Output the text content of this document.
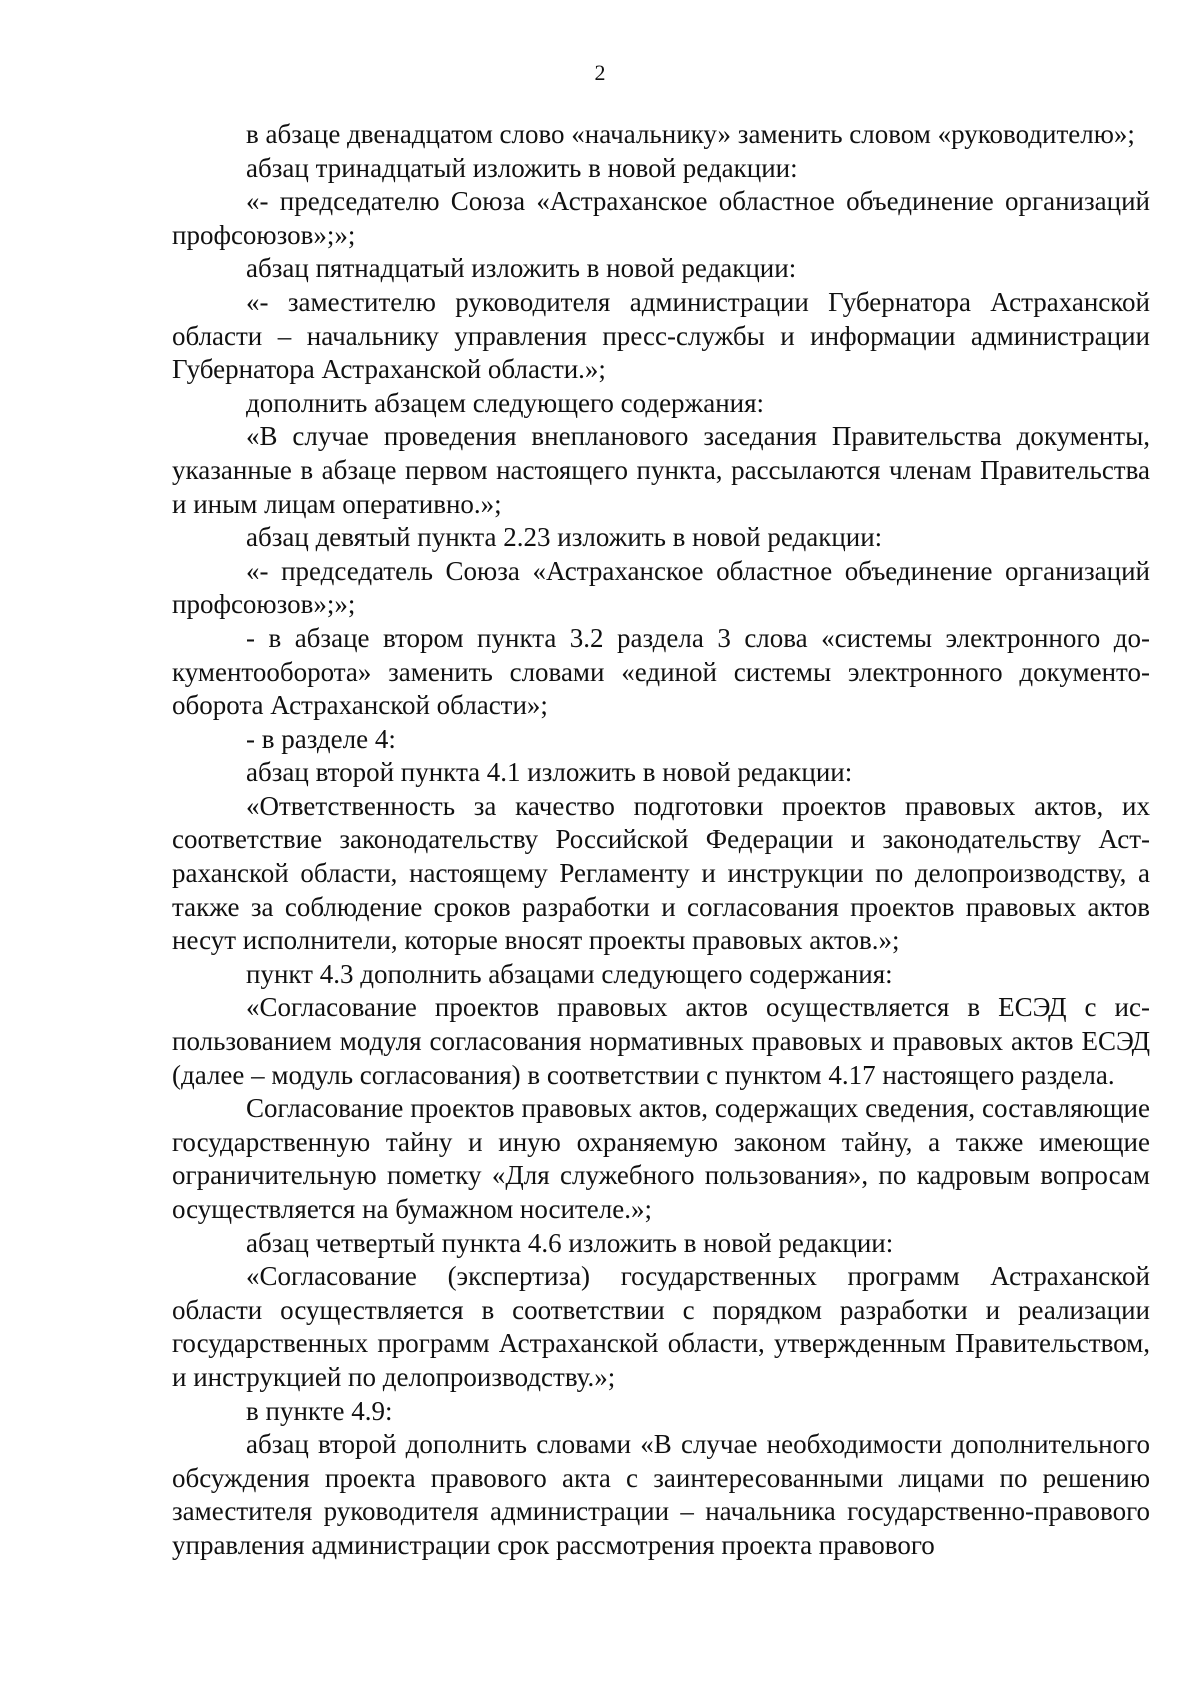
2

в абзаце двенадцатом слово «начальнику» заменить словом «руководителю»;

абзац тринадцатый изложить в новой редакции:

«- председателю Союза «Астраханское областное объединение организаций профсоюзов»;»;

абзац пятнадцатый изложить в новой редакции:

«- заместителю руководителя администрации Губернатора Астраханской области – начальнику управления пресс-службы и информации администрации Губернатора Астраханской области.»;

дополнить абзацем следующего содержания:

«В случае проведения внепланового заседания Правительства документы, указанные в абзаце первом настоящего пункта, рассылаются членам Правительства и иным лицам оперативно.»;

абзац девятый пункта 2.23 изложить в новой редакции:

«- председатель Союза «Астраханское областное объединение организаций профсоюзов»;»;

- в абзаце втором пункта 3.2 раздела 3 слова «системы электронного документооборота» заменить словами «единой системы электронного документооборота Астраханской области»;

- в разделе 4:

абзац второй пункта 4.1 изложить в новой редакции:

«Ответственность за качество подготовки проектов правовых актов, их соответствие законодательству Российской Федерации и законодательству Астраханской области, настоящему Регламенту и инструкции по делопроизводству, а также за соблюдение сроков разработки и согласования проектов правовых актов несут исполнители, которые вносят проекты правовых актов.»;

пункт 4.3 дополнить абзацами следующего содержания:

«Согласование проектов правовых актов осуществляется в ЕСЭД с использованием модуля согласования нормативных правовых и правовых актов ЕСЭД (далее – модуль согласования) в соответствии с пунктом 4.17 настоящего раздела.

Согласование проектов правовых актов, содержащих сведения, составляющие государственную тайну и иную охраняемую законом тайну, а также имеющие ограничительную пометку «Для служебного пользования», по кадровым вопросам осуществляется на бумажном носителе.»;

абзац четвертый пункта 4.6 изложить в новой редакции:

«Согласование (экспертиза) государственных программ Астраханской области осуществляется в соответствии с порядком разработки и реализации государственных программ Астраханской области, утвержденным Правительством, и инструкцией по делопроизводству.»;

в пункте 4.9:

абзац второй дополнить словами «В случае необходимости дополнительного обсуждения проекта правового акта с заинтересованными лицами по решению заместителя руководителя администрации – начальника государственно-правового управления администрации срок рассмотрения проекта правового
